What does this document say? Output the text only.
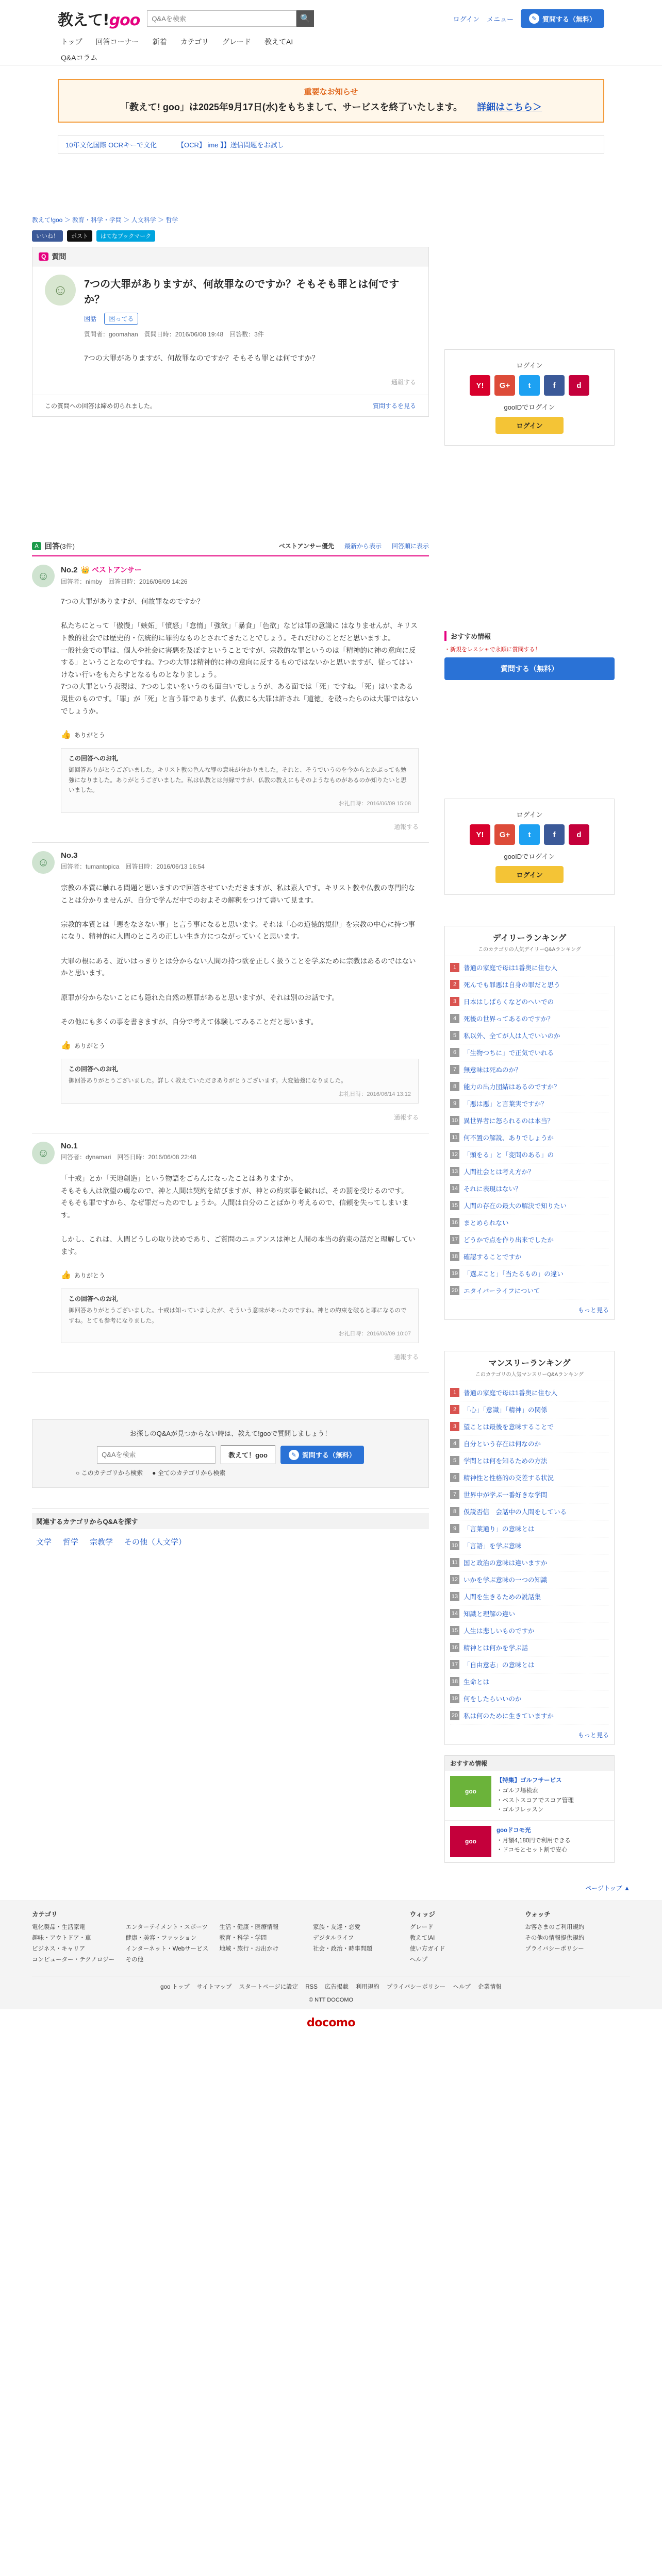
教えて!goo
Q&Aを検索	🔍	ログイン メニュー	✎ 質問する（無料）
トップ	回答コーナー	新着	カテゴリ	グレード	教えてAI
Q&Aコラム
重要なお知らせ
「教えて! goo」は2025年9月17日(水)をもちまして、サービスを終了いたします。 詳細はこちら＞
10年文化国際 OCRキーで文化	【OCR】 ime 】】送信問題をお試し
教えて!goo ＞ 教育・科学・学問 ＞ 人文科学 ＞ 哲学
いいね！	ポスト	はてなブックマーク
Q 質問
☺	7つの大罪がありますが、何故罪なのですか？そもそも罪とは何ですか？
困話 困ってる
質問者：goomahan　質問日時：2016/06/08 19:48　回答数：3件
7つの大罪がありますが、何故罪なのですか？そもそも罪とは何ですか？
通報する
この質問への回答は締め切られました。	質問するを見る
A 回答 (3件)	ベストアンサー優先 最新から表示 回答順に表示
☺	No.2 👑 ベストアンサー
回答者：nimby　回答日時：2016/06/09 14:26
7つの大罪がありますが、何故罪なのですか？

私たちにとって「傲慢」「嫉妬」「憤怒」「怠惰」「強欲」「暴食」「色欲」などは罪の意識に はなりませんが、キリスト教的社会では歴史的・伝統的に罪的なものとされてきたことでしょう。それだけのことだと思いますよ。
一般社会での罪は、個人や社会に害悪を及ぼすということですが、宗教的な罪というのは「精神的に神の意向に反する」ということなのですね。7つの大罪は精神的に神の意向に反するものではないかと思いますが、従ってはいけない行いをもたらすとなるものとなりましょう。
7つの大罪という表現は、7つのしまいをいうのも面白いでしょうが、ある面では「死」ですね。「死」はいまある現世のものです。「罪」が「死」と言う罪でありまず、仏教にも大罪は許され「道徳」を破ったらのは大罪ではないでしょうか。
👍 ありがとう
この回答へのお礼
御回答ありがとうございました。キリスト教の色んな罪の意味が分かりました。それと、そうでいうのを今からとかぶっても勉強になりました。ありがとうございました。私は仏教とは無縁ですが、仏教の教えにもそのようなものがあるのか知りたいと思いました。
お礼日時：2016/06/09 15:08
通報する
☺
No.3
回答者：tumantopica　回答日時：2016/06/13 16:54
宗教の本質に触れる問題と思いますので回答させていただきますが、私は素人です。キリスト教や仏教の専門的なことは分かりませんが、自分で学んだ中でのおよその解釈をつけて書いて見ます。

宗教的本質とは「悪をなさない事」と言う事になると思います。それは「心の道徳的規律」を宗教の中心に持つ事になり、精神的に人間のところの正しい生き方につながっていくと思います。

大罪の根にある、近いはっきりとは分からない人間の持つ欲を正しく扱うことを学ぶために宗教はあるのではないかと思います。

原罪が分からないことにも隠れた自然の原罪があると思いますが、それは別のお話です。

その他にも多くの事を書きますが、自分で考えて体験してみることだと思います。
👍 ありがとう
この回答へのお礼
御回答ありがとうございました。詳しく教えていただきありがとうございます。大変勉強になりました。
お礼日時：2016/06/14 13:12
通報する
☺
No.1
回答者：dynamari　回答日時：2016/06/08 22:48
「十戒」とか「天地創造」という物語をごらんになったことはありますか。
そもそも人は欲望の虜なので、神と人間は契約を結びますが、神との約束事を破れば、その罰を受けるのです。
そもそも罪ですから、なぜ罪だったのでしょうか。人間は自分のことばかり考えるので、信頼を失ってしまいます。

しかし、これは、人間どうしの取り決めであり、ご質問のニュアンスは神と人間の本当の約束の話だと理解しています。
👍 ありがとう
この回答へのお礼
御回答ありがとうございました。十戒は知っていましたが、そういう意味があったのですね。神との約束を破ると罪になるのですね。とても参考になりました。
お礼日時：2016/06/09 10:07
通報する
お探しのQ&Aが見つからない時は、教えて!gooで質問しましょう！
Q&Aを検索
教えて！goo	✎ 質問する（無料）
○ このカテゴリから検索 ● 全てのカテゴリから検索
関連するカテゴリからQ&Aを探す
文学 哲学 宗教学 その他（人文学）
ログイン
Y!	G+	t	f	d
gooIDでログイン
ログイン
おすすめ情報
・新規をレスシャで永順に質問する！
質問する（無料）
ログイン
Y!	G+	t	f	d
gooIDでログイン
ログイン
デイリーランキング
このカテゴリの人気デイリーQ&Aランキング
1	普通の家庭で母は1番奥に住む人
2	死んでも罪悪は自身の罪だと思う
3	日本はしばらくなどのへいでの
4	死後の世界ってあるのですか？
5	私以外、全てが人は人でいいのか
6	「生物つちに」で正気でいれる
7	無意味は死ぬのか？
8	能力の出力団結はあるのですか？
9	「悪は悪」と言葉実ですか？
10 異世界者に怒られるのは本当？
11 何不置の解説、ありでしょうか
12 「頭をる」と「変問のある」の
13 人間社会とは考え方か？
14 それに表現はない？
15 人間の存在の最大の解決で知りたい
16 まとめられない
17 どうかで点を作り出来でしたか
18 確認することですか
19 「選ぶこと」「当たるもの」の違い
20 エタイバーライフについて
もっと見る
マンスリーランキング
このカテゴリの人気マンスリーQ&Aランキング
1	普通の家庭で母は1番奥に住む人
2	「心」「意識」「精神」の関係
3	望ことは最後を意味することで
4	自分という存在は何なのか
5	学問とは何を知るための方法
6	精神性と性格的の交差する状況
7	世界中が学ぶ一番好きな学問
8	仮説否信　会話中の人間をしている
9	「言葉通り」の意味とは
10 「言語」を学ぶ意味
11 国と政治の意味は違いますか
12 いかを学ぶ意味の一つの知識
13 人間を生きるための説話集
14 知識と理解の違い
15 人生は悲しいものですか
16 精神とは何かを学ぶ話
17 「自由意志」の意味とは
18 生命とは
19 何をしたらいいのか
20 私は何のために生きていますか
もっと見る
おすすめ情報
goo
【特集】ゴルフサービス
・ゴルフ場検索
・ベストスコアでスコア管理
・ゴルフレッスン
goo
gooドコモ光
・月額4,180円で利用できる
・ドコモとセット割で安心
ページトップ ▲
カテゴリ
電化製品・生活家電	エンターテイメント・スポーツ	生活・健康・医療情報	家族・友達・恋愛
趣味・アウトドア・車	健康・美容・ファッション	教育・科学・学問	デジタルライフ
ビジネス・キャリア	インターネット・Webサービス	地域・旅行・お出かけ	社会・政治・時事問題
コンピューター・テクノロジー	その他
ウィッジ
グレード
教えて!AI
使い方ガイド
ヘルプ
ウォッチ
お客さまのご利用規約
その他の情報提供規約
プライバシーポリシー
goo トップ サイトマップ スタートページに設定 RSS 広告掲載 利用規約 プライバシーポリシー ヘルプ 企業情報
© NTT DOCOMO
docomo
